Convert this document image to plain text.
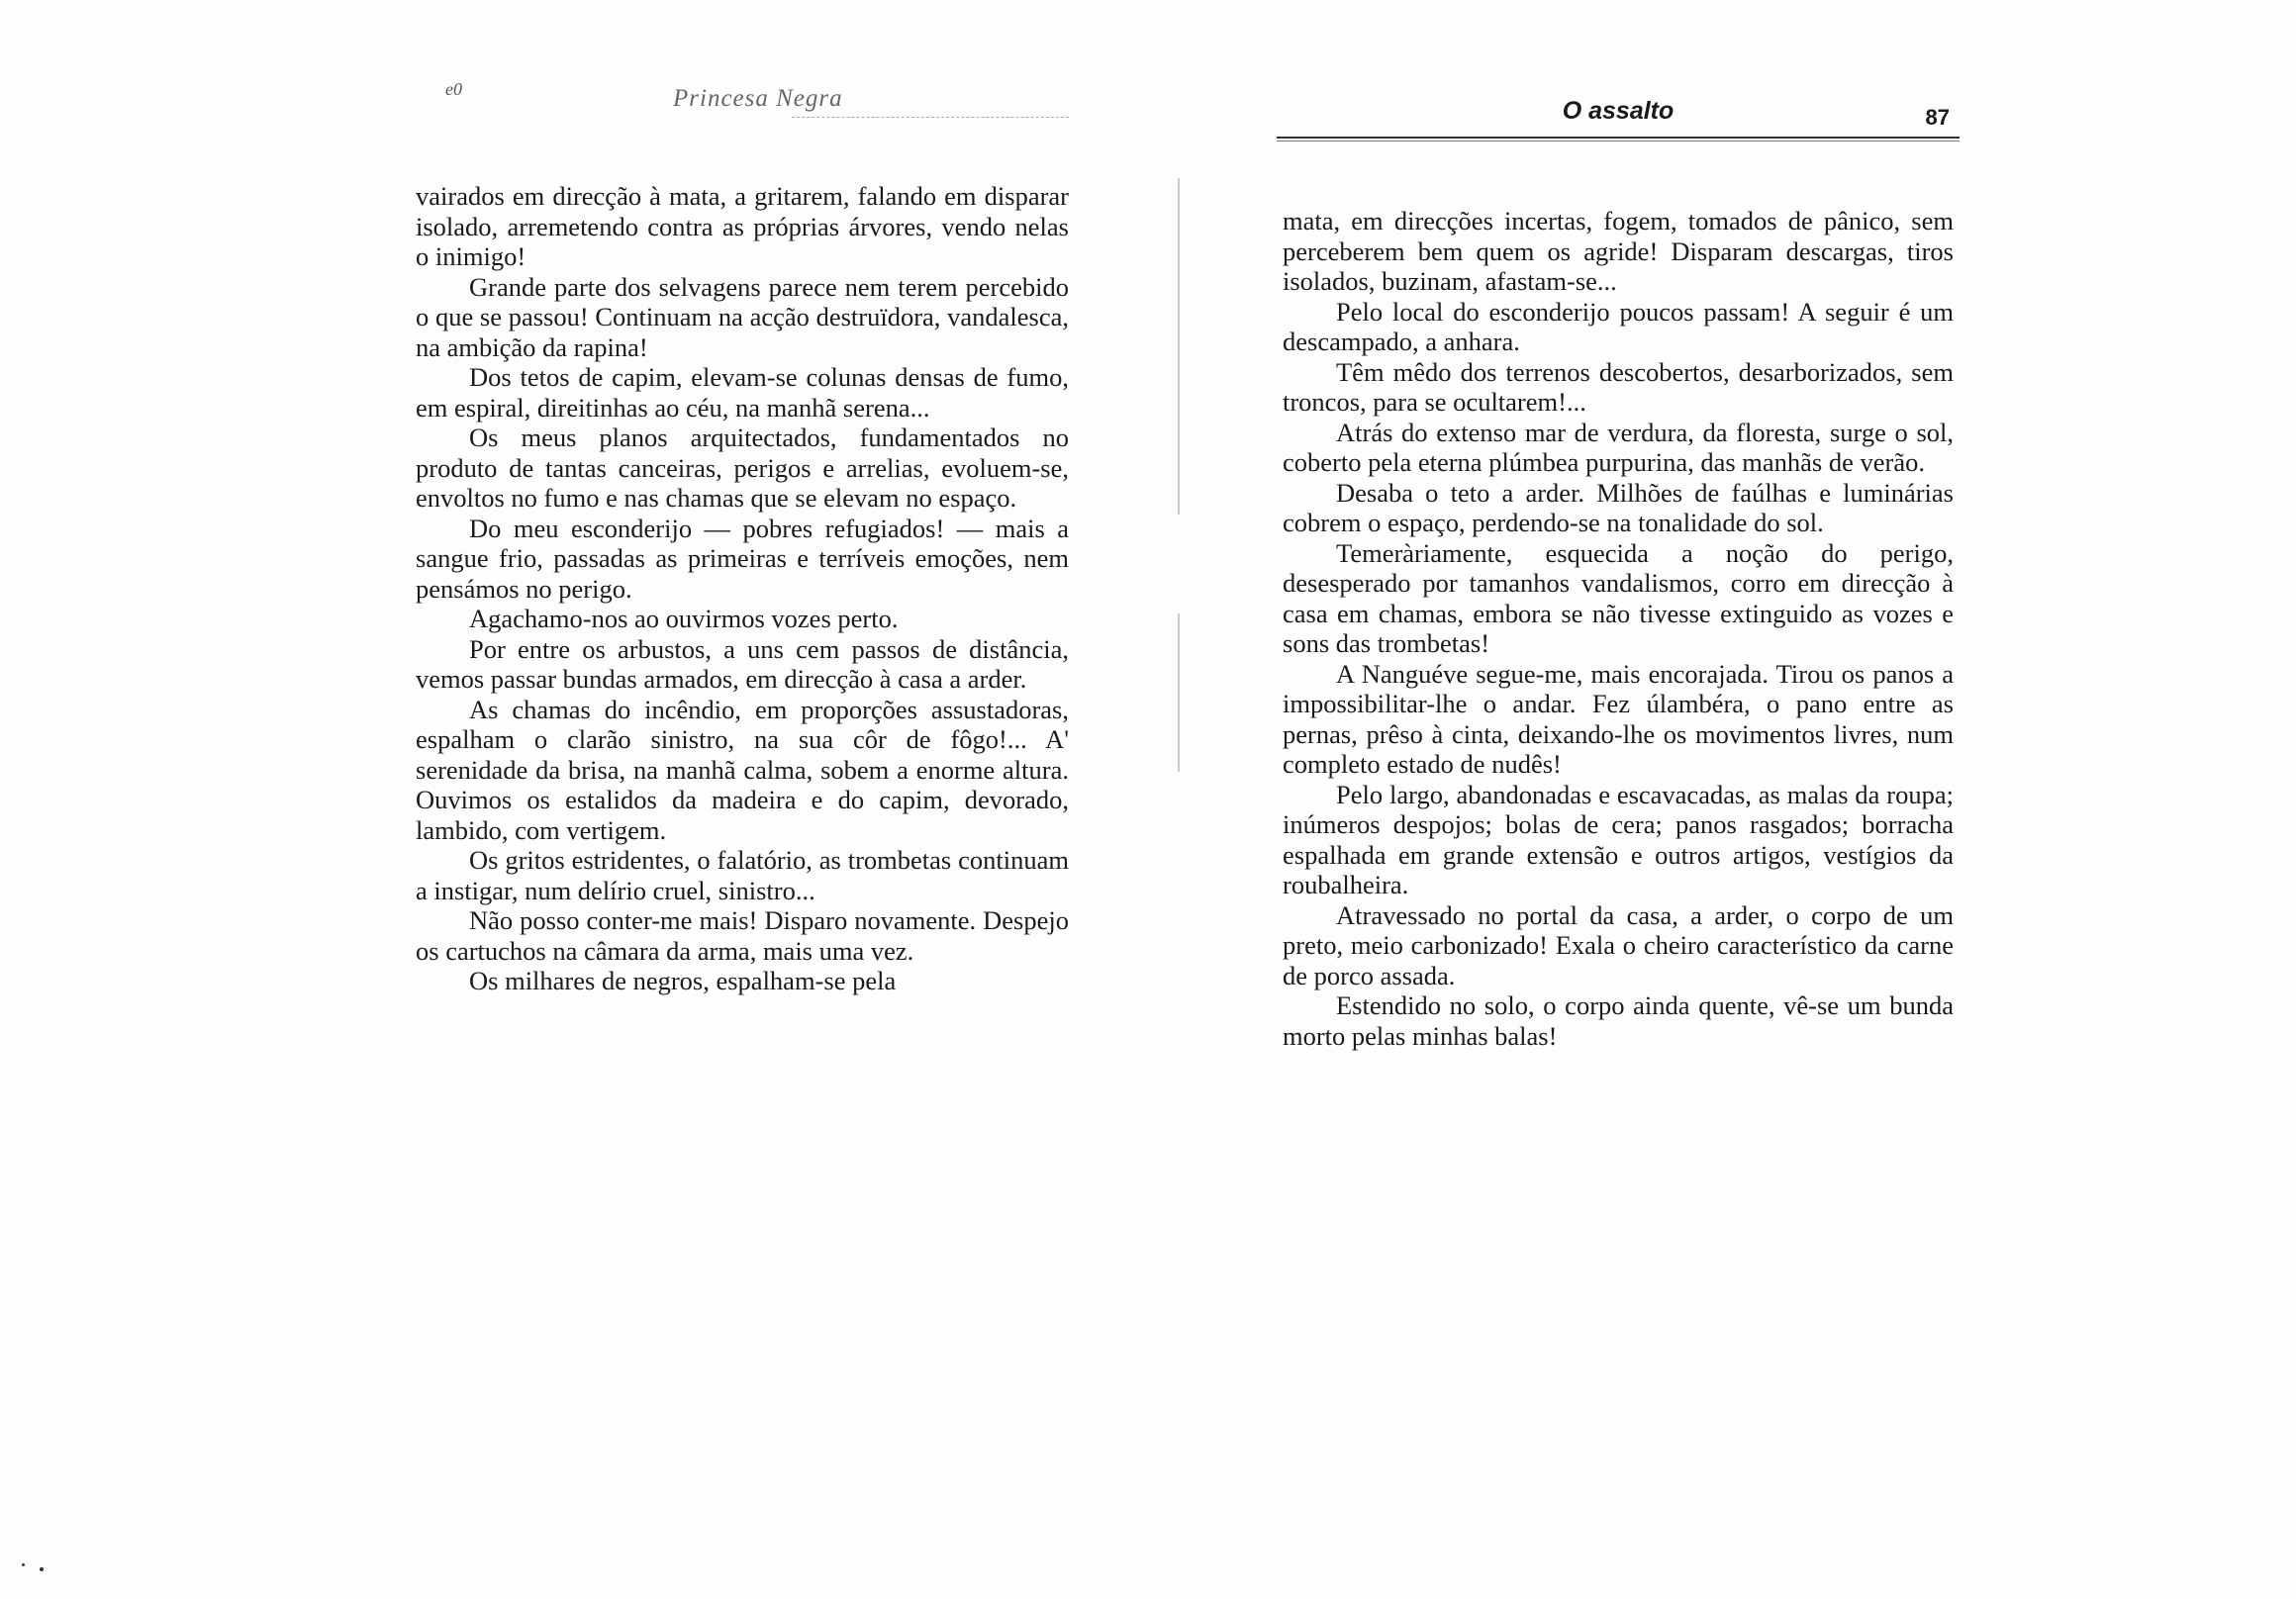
e0	Princesa Negra

vairados em direcção à mata, a gritarem, falando em disparar isolado, arremetendo contra as próprias árvores, vendo nelas o inimigo!

Grande parte dos selvagens parece nem terem percebido o que se passou! Continuam na acção destruïdora, vandalesca, na ambição da rapina!

Dos tetos de capim, elevam-se colunas densas de fumo, em espiral, direitinhas ao céu, na manhã serena...

Os meus planos arquitectados, fundamentados no produto de tantas canceiras, perigos e arrelias, evoluem-se, envoltos no fumo e nas chamas que se elevam no espaço.

Do meu esconderijo — pobres refugiados! — mais a sangue frio, passadas as primeiras e terríveis emoções, nem pensámos no perigo.

Agachamo-nos ao ouvirmos vozes perto.

Por entre os arbustos, a uns cem passos de distância, vemos passar bundas armados, em direcção à casa a arder.

As chamas do incêndio, em proporções assustadoras, espalham o clarão sinistro, na sua côr de fôgo!... A' serenidade da brisa, na manhã calma, sobem a enorme altura. Ouvimos os estalidos da madeira e do capim, devorado, lambido, com vertigem.

Os gritos estridentes, o falatório, as trombetas continuam a instigar, num delírio cruel, sinistro...

Não posso conter-me mais! Disparo novamente. Despejo os cartuchos na câmara da arma, mais uma vez.

Os milhares de negros, espalham-se pela

O assalto	87

mata, em direcções incertas, fogem, tomados de pânico, sem perceberem bem quem os agride! Disparam descargas, tiros isolados, buzinam, afastam-se...

Pelo local do esconderijo poucos passam! A seguir é um descampado, a anhara.

Têm mêdo dos terrenos descobertos, desarborizados, sem troncos, para se ocultarem!...

Atrás do extenso mar de verdura, da floresta, surge o sol, coberto pela eterna plúmbea purpurina, das manhãs de verão.

Desaba o teto a arder. Milhões de faúlhas e luminárias cobrem o espaço, perdendo-se na tonalidade do sol.

Temeràriamente, esquecida a noção do perigo, desesperado por tamanhos vandalismos, corro em direcção à casa em chamas, embora se não tivesse extinguido as vozes e sons das trombetas!

A Nanguéve segue-me, mais encorajada. Tirou os panos a impossibilitar-lhe o andar. Fez úlambéra, o pano entre as pernas, prêso à cinta, deixando-lhe os movimentos livres, num completo estado de nudês!

Pelo largo, abandonadas e escavacadas, as malas da roupa; inúmeros despojos; bolas de cera; panos rasgados; borracha espalhada em grande extensão e outros artigos, vestígios da roubalheira.

Atravessado no portal da casa, a arder, o corpo de um preto, meio carbonizado! Exala o cheiro característico da carne de porco assada.

Estendido no solo, o corpo ainda quente, vê-se um bunda morto pelas minhas balas!
